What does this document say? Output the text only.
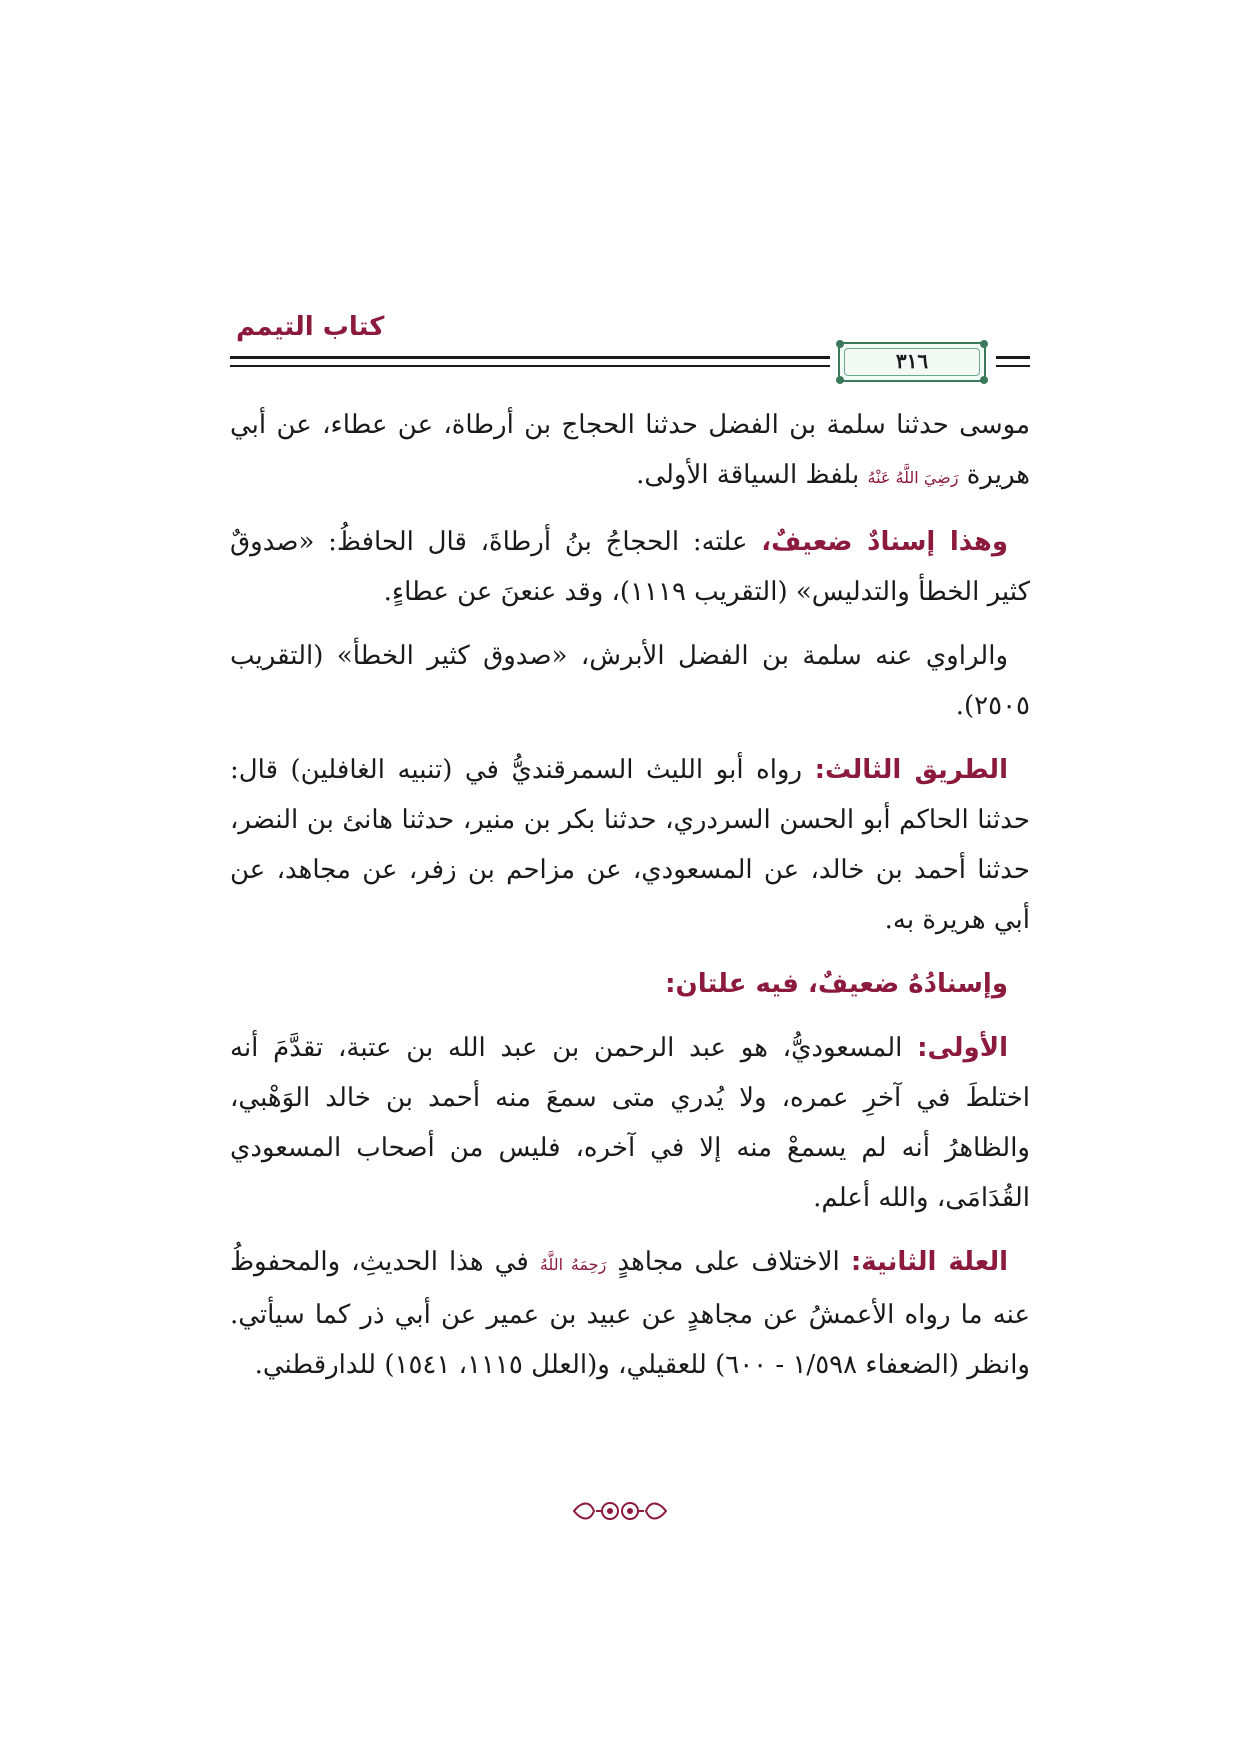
كتاب التيمم
٣١٦

موسى حدثنا سلمة بن الفضل حدثنا الحجاج بن أرطاة، عن عطاء، عن أبي هريرة رَضِيَ اللَّهُ عَنْهُ بلفظ السياقة الأولى.

وهذا إسنادٌ ضعيفٌ، علته: الحجاجُ بنُ أرطاةَ، قال الحافظُ: «صدوقٌ كثير الخطأ والتدليس» (التقريب ١١١٩)، وقد عنعنَ عن عطاءٍ.

والراوي عنه سلمة بن الفضل الأبرش، «صدوق كثير الخطأ» (التقريب ٢٥٠٥).

الطريق الثالث: رواه أبو الليث السمرقنديُّ في (تنبيه الغافلين) قال: حدثنا الحاكم أبو الحسن السردري، حدثنا بكر بن منير، حدثنا هانئ بن النضر، حدثنا أحمد بن خالد، عن المسعودي، عن مزاحم بن زفر، عن مجاهد، عن أبي هريرة به.

وإسنادُهُ ضعيفٌ، فيه علتان:

الأولى: المسعوديُّ، هو عبد الرحمن بن عبد الله بن عتبة، تقدَّمَ أنه اختلطَ في آخرِ عمره، ولا يُدري متى سمعَ منه أحمد بن خالد الوَهْبي، والظاهرُ أنه لم يسمعْ منه إلا في آخره، فليس من أصحاب المسعودي القُدَامَى، والله أعلم.

العلة الثانية: الاختلاف على مجاهدٍ رَحِمَهُ اللَّهُ في هذا الحديثِ، والمحفوظُ عنه ما رواه الأعمشُ عن مجاهدٍ عن عبيد بن عمير عن أبي ذر كما سيأتي. وانظر (الضعفاء ١/٥٩٨ - ٦٠٠) للعقيلي، و(العلل ١١١٥، ١٥٤١) للدارقطني.
